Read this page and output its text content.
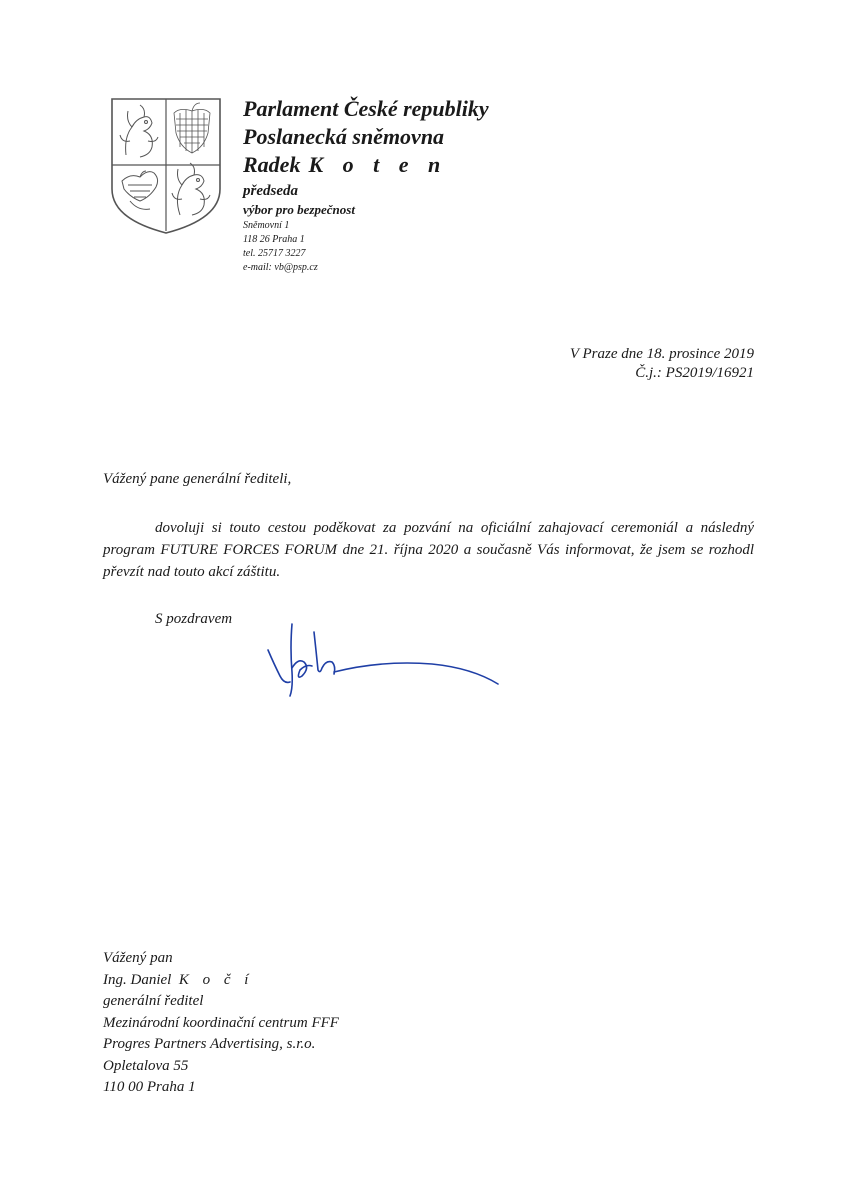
Parlament České republiky
Poslanecká sněmovna
Radek K o t e n
předseda
výbor pro bezpečnost
Sněmovní 1
118 26 Praha 1
tel. 25717 3227
e-mail: vb@psp.cz
V Praze dne 18. prosince 2019
Č.j.: PS2019/16921
Vážený pane generální řediteli,
dovoluji si touto cestou poděkovat za pozvání na oficiální zahajovací ceremoniál a následný program FUTURE FORCES FORUM dne 21. října 2020 a současně Vás informovat, že jsem se rozhodl převzít nad touto akcí záštitu.
S pozdravem
Vážený pan
Ing. Daniel K o č í
generální ředitel
Mezinárodní koordinační centrum FFF
Progres Partners Advertising, s.r.o.
Opletalova 55
110 00 Praha 1
